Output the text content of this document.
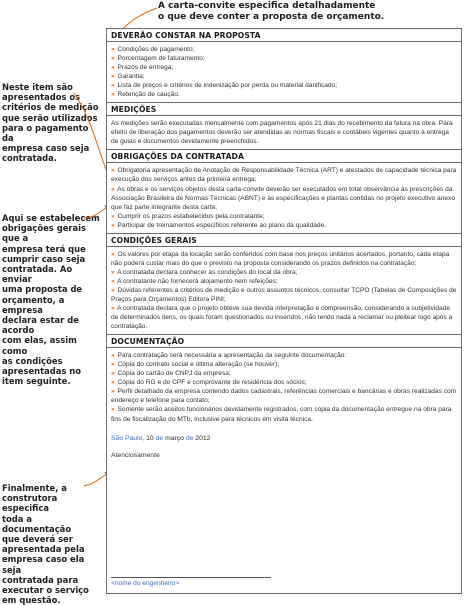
A carta-convite especifica detalhadamente
o que deve conter a proposta de orçamento.
Neste item são
apresentados os
critérios de medição
que serão utilizados
para o pagamento da
empresa caso seja
contratada.
Aqui se estabelecem
obrigações gerais que a
empresa terá que
cumprir caso seja
contratada. Ao enviar
uma proposta de
orçamento, a empresa
declara estar de acordo
com elas, assim como
as condições
apresentadas no
item seguinte.
Finalmente, a
construtora especifica
toda a documentação
que deverá ser
apresentada pela
empresa caso ela seja
contratada para
executar o serviço
em questão.
DEVERÃO CONSTAR NA PROPOSTA
» Condições de pagamento;
» Porcentagem de faturamento;
» Prazos de entrega;
» Garantia;
» Lista de preços e critérios de indenização por perda ou material danificado;
» Retenção de caução.
MEDIÇÕES
As medições serão executadas mensalmente com pagamentos após 21 dias do recebimento da fatura na obra. Para efeito de liberação dos pagamentos deverão ser atendidas as normas fiscais e contábeis vigentes quanto à entrega de guias e documentos devidamente preenchidos.
OBRIGAÇÕES DA CONTRATADA
» Obrigatória apresentação de Anotação de Responsabilidade Técnica (ART) e atestados de capacidade técnica para execução dos serviços antes da primeira entrega;
» As obras e os serviços objetos desta carta-convite deverão ser executados em total observância às prescrições da Associação Brasileira de Normas Técnicas (ABNT) e às especificações e plantas contidas no projeto executivo anexo que faz parte integrante desta carta;
» Cumprir os prazos estabelecidos pela contratante;
» Participar de treinamentos específicos referente ao plano da qualidade.
CONDIÇÕES GERAIS
» Os valores por etapa da locação serão conferidos com base nos preços unitários acertados, portanto, cada etapa não poderá custar mais do que o previsto na proposta considerando os prazos definidos na contratação;
» A contratada declara conhecer as condições do local da obra;
» A contratante não fornecerá alojamento nem refeições;
» Dúvidas referentes a critérios de medição e outros assuntos técnicos, consultar TCPO (Tabelas de Composições de Preços para Orçamentos) Editora PINI;
» A contratada declara que o projeto obteve sua devida interpretação e compreensão, considerando a subjetividade de determinados itens, os quais foram questionados ou inseridos, não tendo nada a reclamar ou pleitear logo após a contratação.
DOCUMENTAÇÃO
» Para contratação será necessária a apresentação da seguinte documentação:
» Cópia do contrato social e última alteração (se houver);
» Cópia do cartão de CNPJ da empresa;
» Cópia do RG e do CPF e comprovante de residência dos sócios;
» Perfil detalhado da empresa contendo dados cadastrais, referências comerciais e bancárias e obras realizadas com endereço e telefone para contato;
» Somente serão aceitos funcionários devidamente registrados, com cópia da documentação entregue na obra para fins de fiscalização do MTb, inclusive para técnicos em visita técnica.
São Paulo, 10 de março de 2012
Atenciosamente
<nome do engenheiro>
